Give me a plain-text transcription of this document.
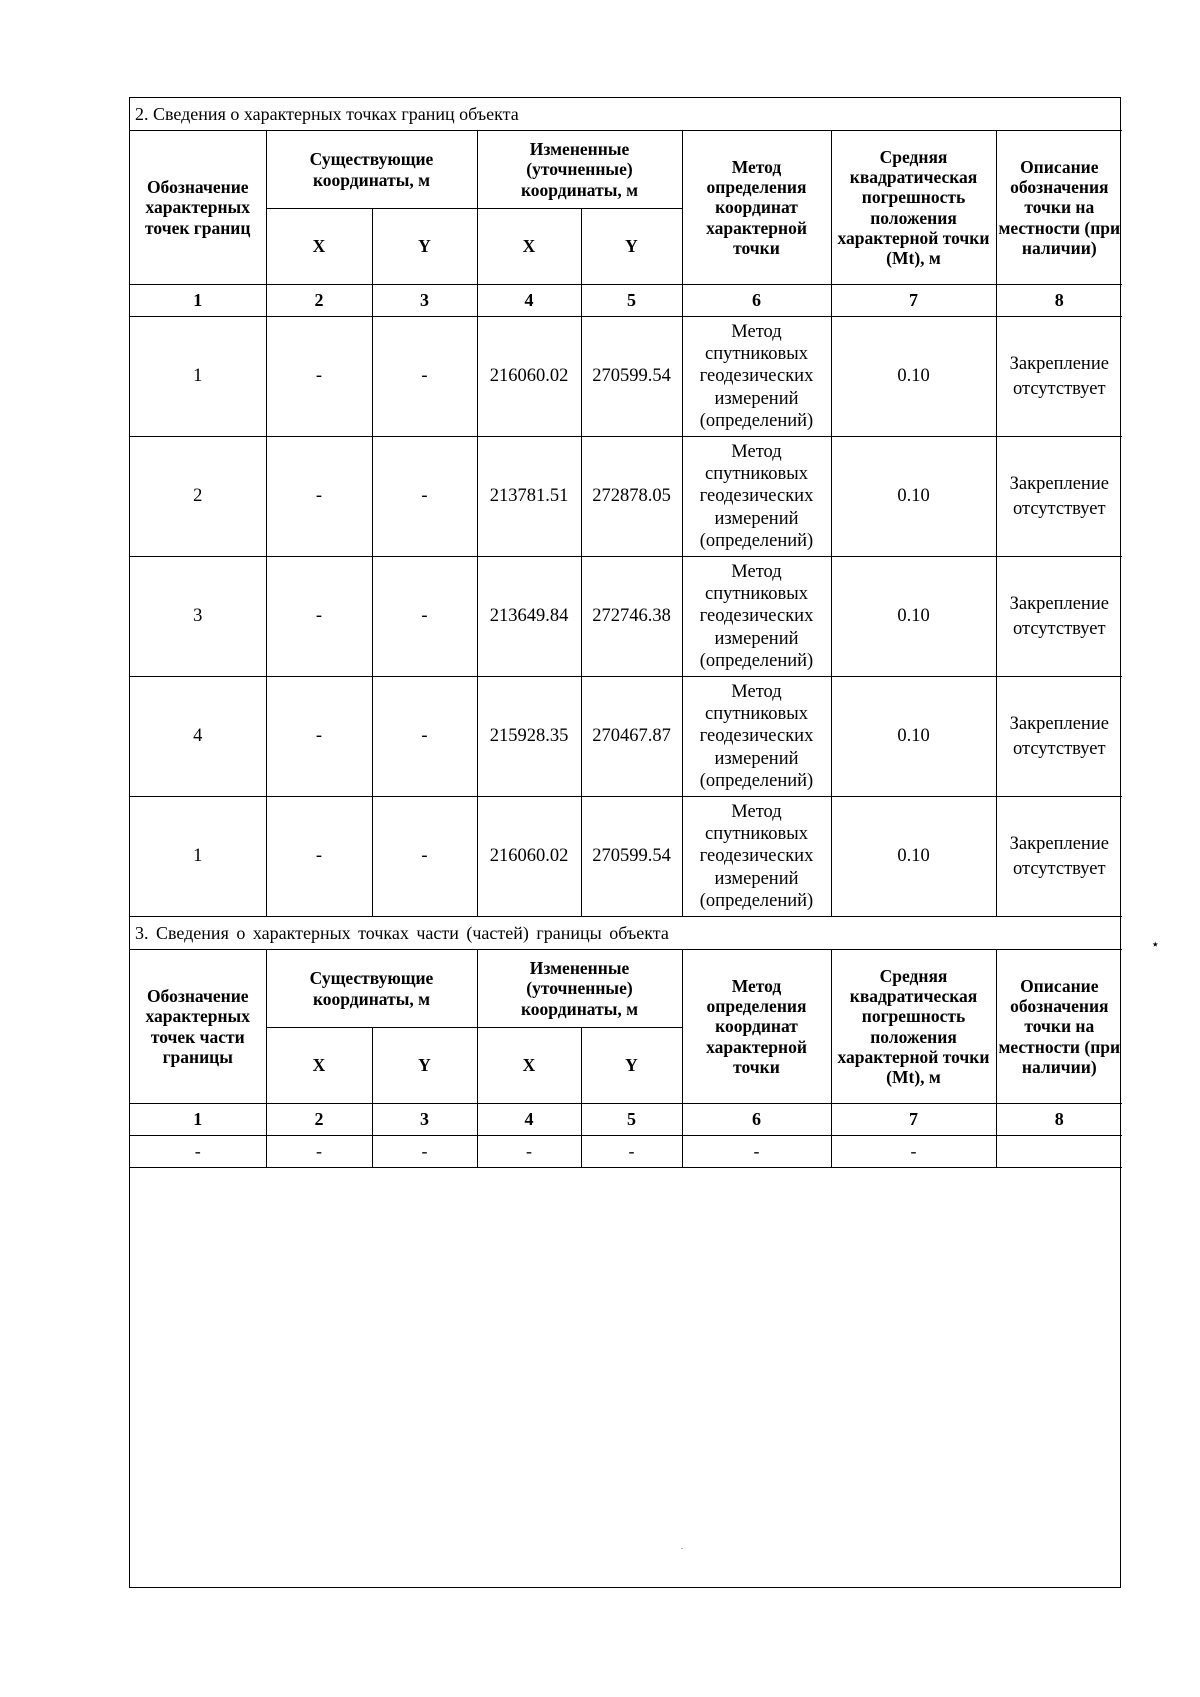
2. Сведения о характерных точках границ объекта							
Обозначение характерных точек границ	Существующие координаты, м		Измененные (уточненные) координаты, м		Метод определения координат характерной точки	Средняя квадратическая погрешность положения характерной точки (Mt), м	Описание обозначения точки на местности (при наличии)
	X	Y	X	Y			
1	2	3	4	5	6	7	8
1	-	-	216060.02	270599.54	Метод спутниковых геодезических измерений (определений)	0.10	Закрепление отсутствует
2	-	-	213781.51	272878.05	Метод спутниковых геодезических измерений (определений)	0.10	Закрепление отсутствует
3	-	-	213649.84	272746.38	Метод спутниковых геодезических измерений (определений)	0.10	Закрепление отсутствует
4	-	-	215928.35	270467.87	Метод спутниковых геодезических измерений (определений)	0.10	Закрепление отсутствует
1	-	-	216060.02	270599.54	Метод спутниковых геодезических измерений (определений)	0.10	Закрепление отсутствует
3. Сведения о характерных точках части (частей) границы объекта							
Обозначение характерных точек части границы	Существующие координаты, м		Измененные (уточненные) координаты, м		Метод определения координат характерной точки	Средняя квадратическая погрешность положения характерной точки (Mt), м	Описание обозначения точки на местности (при наличии)
	X	Y	X	Y			
1	2	3	4	5	6	7	8
-	-	-	-	-	-	-	
٭
